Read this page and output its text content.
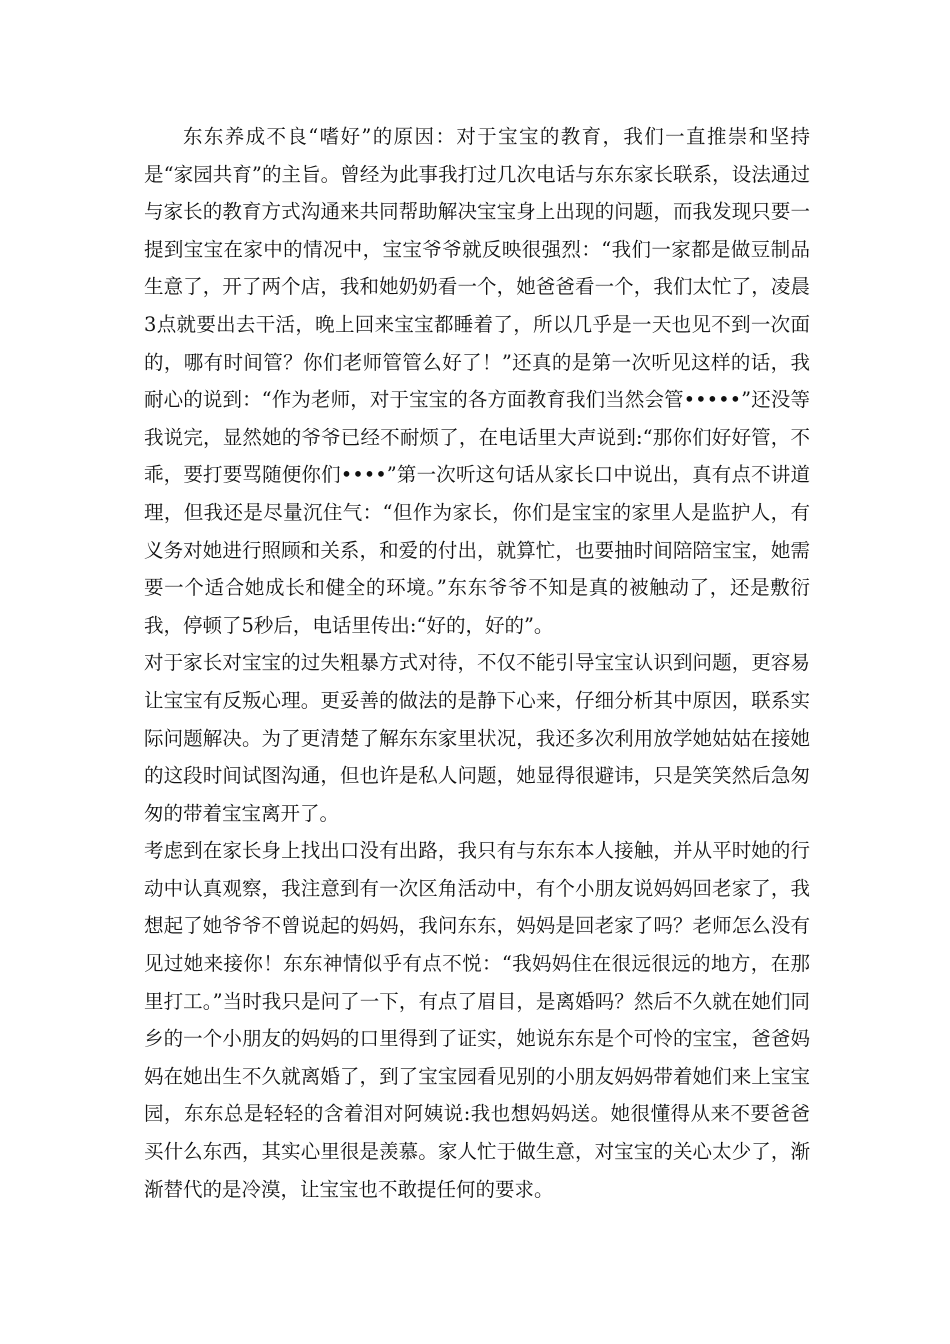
东东养成不良“嗜好”的原因：对于宝宝的教育，我们一直推崇和坚持是“家园共育”的主旨。曾经为此事我打过几次电话与东东家长联系，设法通过与家长的教育方式沟通来共同帮助解决宝宝身上出现的问题，而我发现只要一提到宝宝在家中的情况中，宝宝爷爷就反映很强烈：“我们一家都是做豆制品生意了，开了两个店，我和她奶奶看一个，她爸爸看一个，我们太忙了，凌晨3点就要出去干活，晚上回来宝宝都睡着了，所以几乎是一天也见不到一次面的，哪有时间管？你们老师管管么好了！”还真的是第一次听见这样的话，我耐心的说到：“作为老师，对于宝宝的各方面教育我们当然会管•••••”还没等我说完，显然她的爷爷已经不耐烦了，在电话里大声说到:“那你们好好管，不乖，要打要骂随便你们••••”第一次听这句话从家长口中说出，真有点不讲道理，但我还是尽量沉住气：“但作为家长，你们是宝宝的家里人是监护人，有义务对她进行照顾和关系，和爱的付出，就算忙，也要抽时间陪陪宝宝，她需要一个适合她成长和健全的环境。”东东爷爷不知是真的被触动了，还是敷衍我，停顿了5秒后，电话里传出:“好的，好的”。

对于家长对宝宝的过失粗暴方式对待，不仅不能引导宝宝认识到问题，更容易让宝宝有反叛心理。更妥善的做法的是静下心来，仔细分析其中原因，联系实际问题解决。为了更清楚了解东东家里状况，我还多次利用放学她姑姑在接她的这段时间试图沟通，但也许是私人问题，她显得很避讳，只是笑笑然后急匆匆的带着宝宝离开了。

考虑到在家长身上找出口没有出路，我只有与东东本人接触，并从平时她的行动中认真观察，我注意到有一次区角活动中，有个小朋友说妈妈回老家了，我想起了她爷爷不曾说起的妈妈，我问东东，妈妈是回老家了吗？老师怎么没有见过她来接你！东东神情似乎有点不悦：“我妈妈住在很远很远的地方，在那里打工。”当时我只是问了一下，有点了眉目，是离婚吗？然后不久就在她们同乡的一个小朋友的妈妈的口里得到了证实，她说东东是个可怜的宝宝，爸爸妈妈在她出生不久就离婚了，到了宝宝园看见别的小朋友妈妈带着她们来上宝宝园，东东总是轻轻的含着泪对阿姨说:我也想妈妈送。她很懂得从来不要爸爸买什么东西，其实心里很是羡慕。家人忙于做生意，对宝宝的关心太少了，渐渐替代的是冷漠，让宝宝也不敢提任何的要求。
